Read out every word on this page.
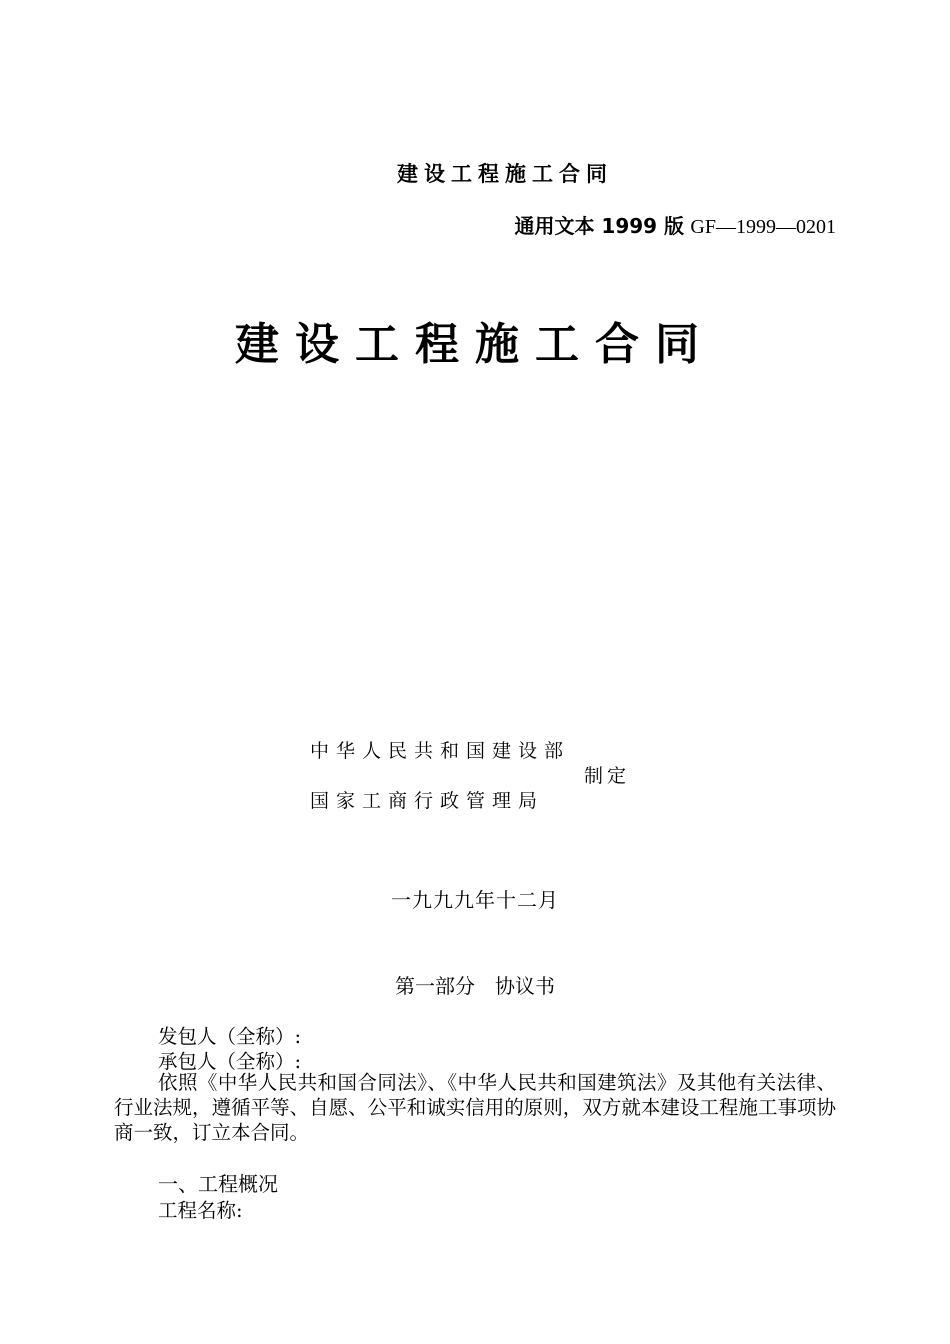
建设工程施工合同
通用文本 1999 版 GF—1999—0201
建设工程施工合同
中华人民共和国建设部
国家工商行政管理局
制定
一九九九年十二月
第一部分　协议书
发包人（全称）:
承包人（全称）:
依照《中华人民共和国合同法》、《中华人民共和国建筑法》及其他有关法律、行业法规，遵循平等、自愿、公平和诚实信用的原则，双方就本建设工程施工事项协商一致，订立本合同。
一、工程概况
工程名称:
